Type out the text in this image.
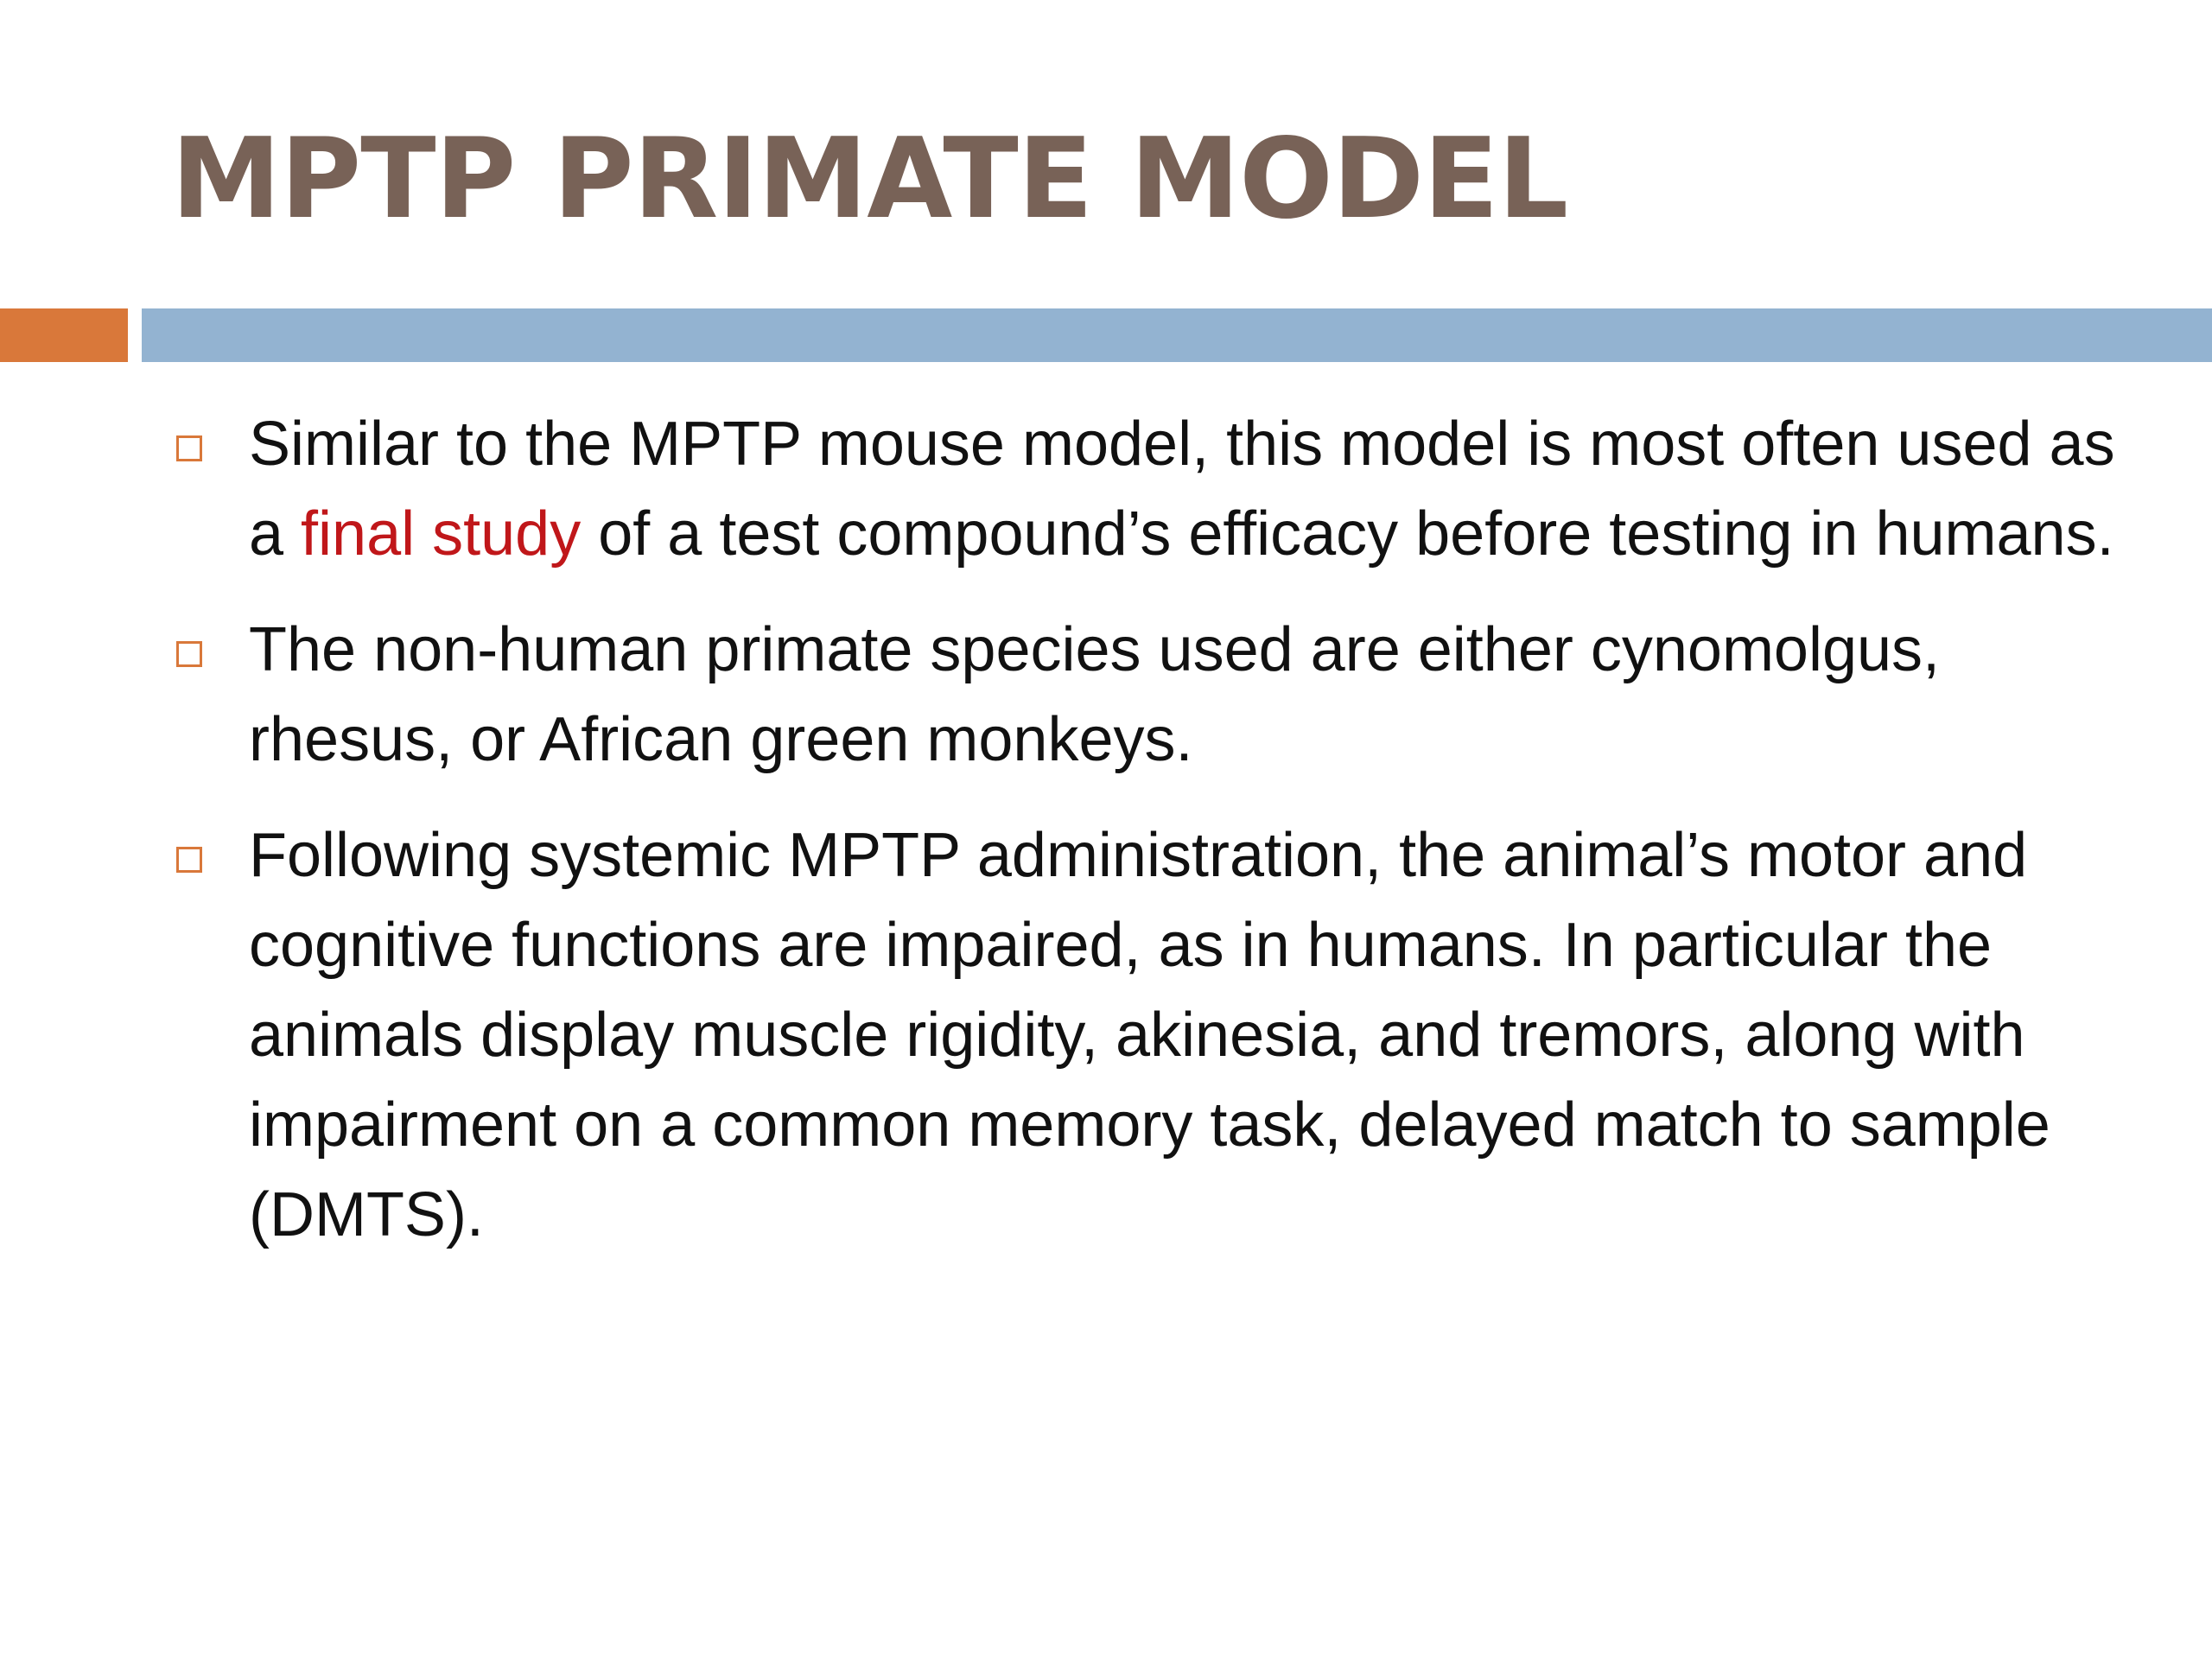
MPTP PRIMATE MODEL
Similar to the MPTP mouse model, this model is most often used as a final study of a test compound’s efficacy before testing in humans.
The non-human primate species used are either cynomolgus, rhesus, or African green monkeys.
Following systemic MPTP administration, the animal’s motor and cognitive functions are impaired, as in humans. In particular the animals display muscle rigidity, akinesia, and tremors, along with impairment on a common memory task, delayed match to sample (DMTS).
